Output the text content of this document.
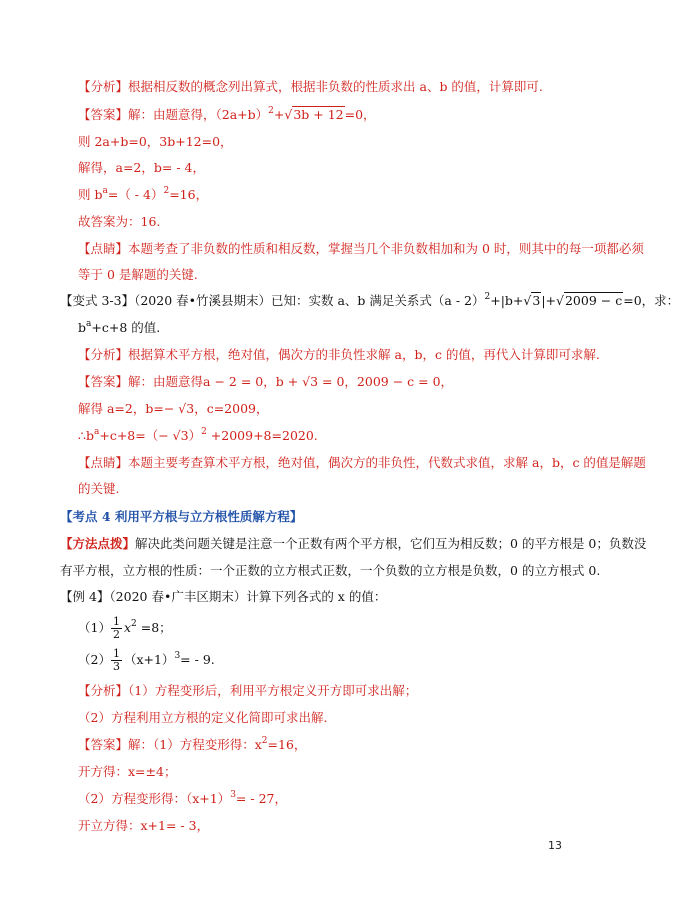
【分析】根据相反数的概念列出算式，根据非负数的性质求出 a、b 的值，计算即可.
【答案】解：由题意得，$(2a+b)^2+√3b + 12=0$，
则 2a+b=0，3b+12=0，
解得，a=2，b= - 4，
则 $b^a=( - 4)^2=16$，
故答案为：16.
【点睛】本题考查了非负数的性质和相反数，掌握当几个非负数相加和为 0 时，则其中的每一项都必须
等于 0 是解题的关键.
【变式 3-3】（2020 春•竹溪县期末）已知：实数 a、b 满足关系式（a - 2）$^2$+|b+√3|+√2009 − c=0，求：
$b^a+c+8$ 的值.
【分析】根据算术平方根，绝对值，偶次方的非负性求解 a，b，c 的值，再代入计算即可求解.
【答案】解：由题意得a − 2 = 0，b + √3 = 0，2009 − c = 0，
解得 a=2，b=− √3，c=2009，
$\therefore b^a+c+8=(- √3)^2 +2009+8=2020$.
【点睛】本题主要考查算术平方根，绝对值，偶次方的非负性，代数式求值，求解 a，b，c 的值是解题
的关键.
【考点 4 利用平方根与立方根性质解方程】
【方法点拨】解决此类问题关键是注意一个正数有两个平方根，它们互为相反数；0 的平方根是 0；负数没
有平方根，立方根的性质：一个正数的立方根式正数，一个负数的立方根是负数，0 的立方根式 0.
【例 4】（2020 春•广丰区期末）计算下列各式的 x 的值：
$(1) \frac{1}{2} x^2 =8$；
$(2) \frac{1}{3} (x+1)^3= - 9$.
【分析】（1）方程变形后，利用平方根定义开方即可求出解；
（2）方程利用立方根的定义化简即可求出解.
【答案】解：（1）方程变形得：$x^2=16$，
开方得：x=±4；
（2）方程变形得：$(x+1)^3= - 27$，
开立方得：x+1= - 3，
13
